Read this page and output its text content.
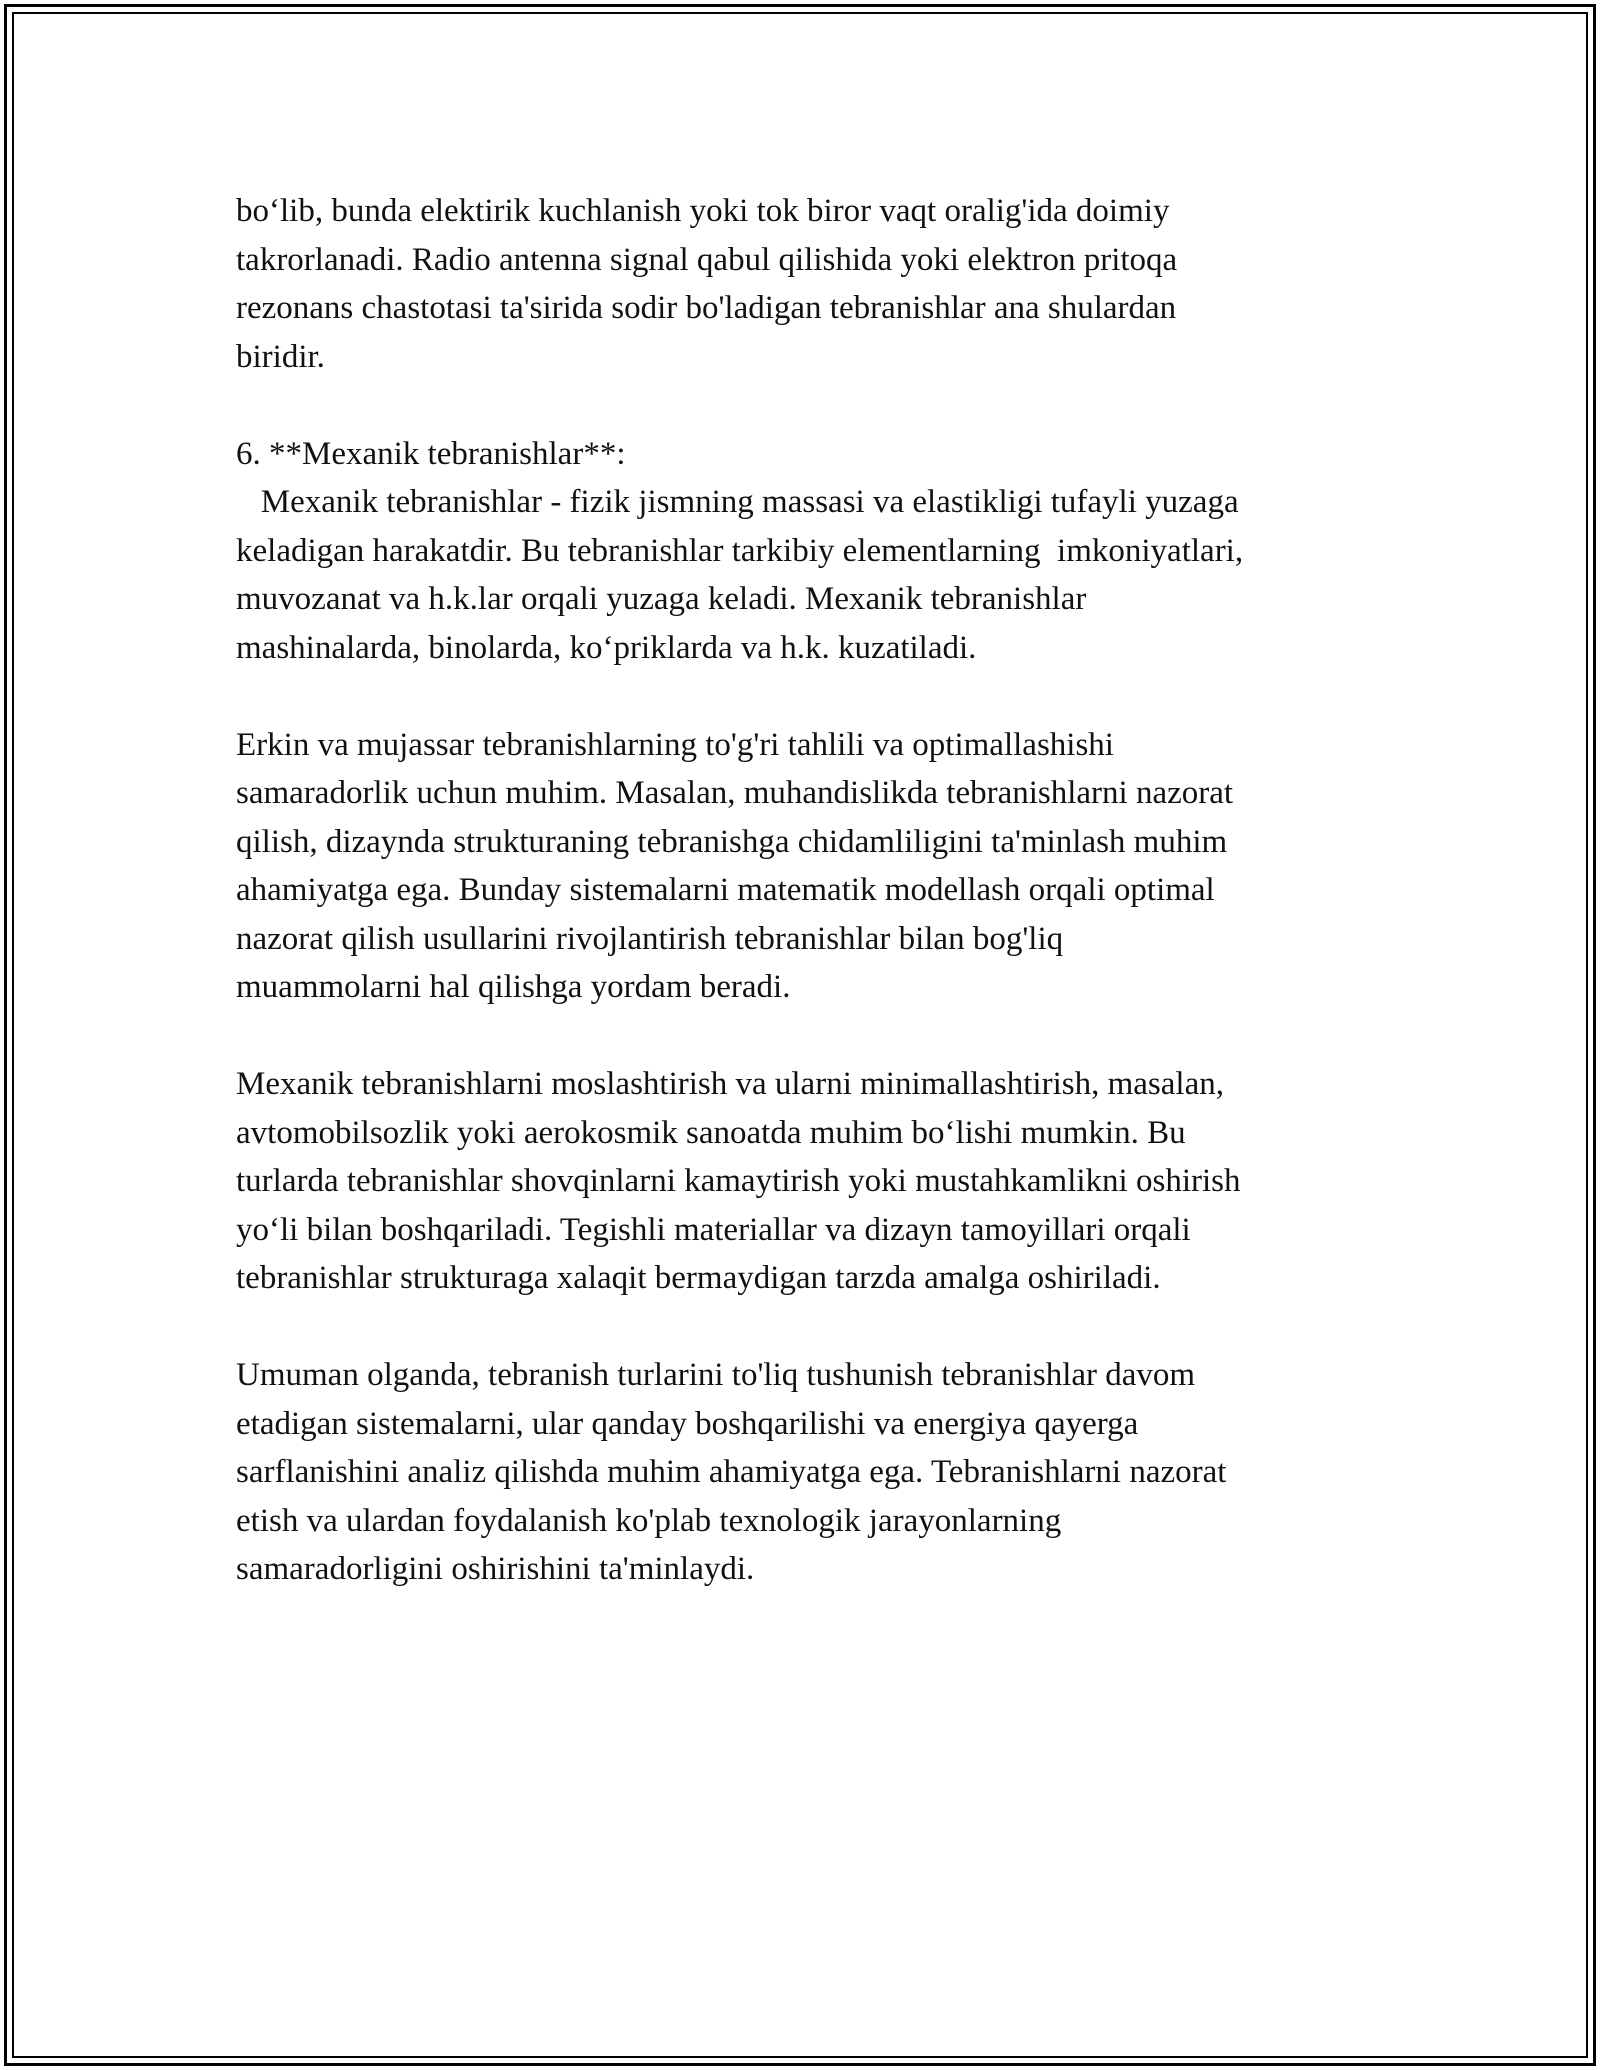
bo‘lib, bunda elektirik kuchlanish yoki tok biror vaqt oralig'ida doimiy
takrorlanadi. Radio antenna signal qabul qilishida yoki elektron pritoqa
rezonans chastotasi ta'sirida sodir bo'ladigan tebranishlar ana shulardan
biridir.
6. **Mexanik tebranishlar**:
Mexanik tebranishlar - fizik jismning massasi va elastikligi tufayli yuzaga
keladigan harakatdir. Bu tebranishlar tarkibiy elementlarning  imkoniyatlari,
muvozanat va h.k.lar orqali yuzaga keladi. Mexanik tebranishlar
mashinalarda, binolarda, ko‘priklarda va h.k. kuzatiladi.
Erkin va mujassar tebranishlarning to'g'ri tahlili va optimallashishi
samaradorlik uchun muhim. Masalan, muhandislikda tebranishlarni nazorat
qilish, dizaynda strukturaning tebranishga chidamliligini ta'minlash muhim
ahamiyatga ega. Bunday sistemalarni matematik modellash orqali optimal
nazorat qilish usullarini rivojlantirish tebranishlar bilan bog'liq
muammolarni hal qilishga yordam beradi.
Mexanik tebranishlarni moslashtirish va ularni minimallashtirish, masalan,
avtomobilsozlik yoki aerokosmik sanoatda muhim bo‘lishi mumkin. Bu
turlarda tebranishlar shovqinlarni kamaytirish yoki mustahkamlikni oshirish
yo‘li bilan boshqariladi. Tegishli materiallar va dizayn tamoyillari orqali
tebranishlar strukturaga xalaqit bermaydigan tarzda amalga oshiriladi.
Umuman olganda, tebranish turlarini to'liq tushunish tebranishlar davom
etadigan sistemalarni, ular qanday boshqarilishi va energiya qayerga
sarflanishini analiz qilishda muhim ahamiyatga ega. Tebranishlarni nazorat
etish va ulardan foydalanish ko'plab texnologik jarayonlarning
samaradorligini oshirishini ta'minlaydi.
